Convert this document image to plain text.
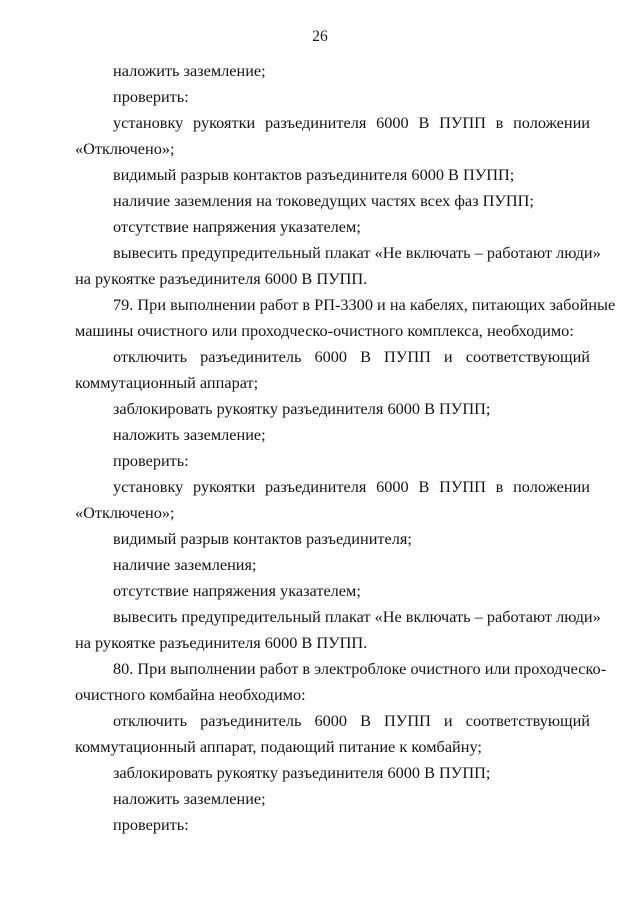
26
наложить заземление;
проверить:
установку рукоятки разъединителя 6000 В ПУПП в положении
«Отключено»;
видимый разрыв контактов разъединителя 6000 В ПУПП;
наличие заземления на токоведущих частях всех фаз ПУПП;
отсутствие напряжения указателем;
вывесить предупредительный плакат «Не включать – работают люди»
на рукоятке разъединителя 6000 В ПУПП.
79. При выполнении работ в РП-3300 и на кабелях, питающих забойные
машины очистного или проходческо-очистного комплекса, необходимо:
отключить разъединитель 6000 В ПУПП и соответствующий
коммутационный аппарат;
заблокировать рукоятку разъединителя 6000 В ПУПП;
наложить заземление;
проверить:
установку рукоятки разъединителя 6000 В ПУПП в положении
«Отключено»;
видимый разрыв контактов разъединителя;
наличие заземления;
отсутствие напряжения указателем;
вывесить предупредительный плакат «Не включать – работают люди»
на рукоятке разъединителя 6000 В ПУПП.
80. При выполнении работ в электроблоке очистного или проходческо-
очистного комбайна необходимо:
отключить разъединитель 6000 В ПУПП и соответствующий
коммутационный аппарат, подающий питание к комбайну;
заблокировать рукоятку разъединителя 6000 В ПУПП;
наложить заземление;
проверить:
